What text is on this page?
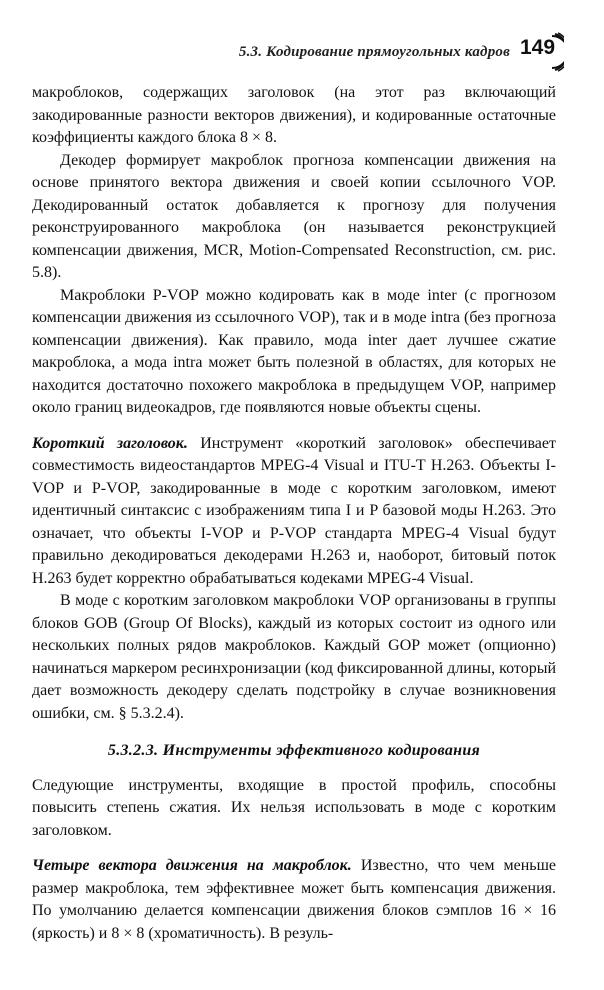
5.3. Кодирование прямоугольных кадров 149

макроблоков, содержащих заголовок (на этот раз включающий закодированные разности векторов движения), и кодированные остаточные коэффициенты каждого блока 8 × 8.

Декодер формирует макроблок прогноза компенсации движения на основе принятого вектора движения и своей копии ссылочного VOP. Декодированный остаток добавляется к прогнозу для получения реконструированного макроблока (он называется реконструкцией компенсации движения, MCR, Motion-Compensated Reconstruction, см. рис. 5.8).

Макроблоки P-VOP можно кодировать как в моде inter (с прогнозом компенсации движения из ссылочного VOP), так и в моде intra (без прогноза компенсации движения). Как правило, мода inter дает лучшее сжатие макроблока, а мода intra может быть полезной в областях, для которых не находится достаточно похожего макроблока в предыдущем VOP, например около границ видеокадров, где появляются новые объекты сцены.

Короткий заголовок. Инструмент «короткий заголовок» обеспечивает совместимость видеостандартов MPEG-4 Visual и ITU-T H.263. Объекты I-VOP и P-VOP, закодированные в моде с коротким заголовком, имеют идентичный синтаксис с изображениям типа I и P базовой моды H.263. Это означает, что объекты I-VOP и P-VOP стандарта MPEG-4 Visual будут правильно декодироваться декодерами H.263 и, наоборот, битовый поток H.263 будет корректно обрабатываться кодеками MPEG-4 Visual.

В моде с коротким заголовком макроблоки VOP организованы в группы блоков GOB (Group Of Blocks), каждый из которых состоит из одного или нескольких полных рядов макроблоков. Каждый GOP может (опционно) начинаться маркером ресинхронизации (код фиксированной длины, который дает возможность декодеру сделать подстройку в случае возникновения ошибки, см. § 5.3.2.4).

5.3.2.3. Инструменты эффективного кодирования

Следующие инструменты, входящие в простой профиль, способны повысить степень сжатия. Их нельзя использовать в моде с коротким заголовком.

Четыре вектора движения на макроблок. Известно, что чем меньше размер макроблока, тем эффективнее может быть компенсация движения. По умолчанию делается компенсации движения блоков сэмплов 16 × 16 (яркость) и 8 × 8 (хроматичность). В резуль-
